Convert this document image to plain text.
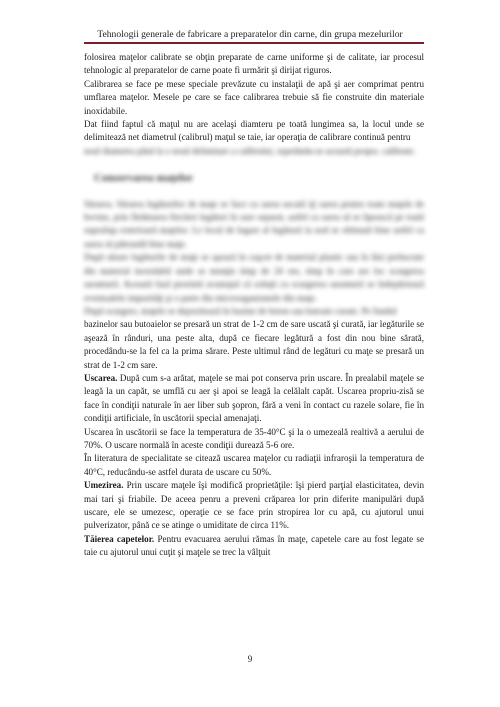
Tehnologii generale de fabricare a preparatelor din carne, din grupa mezelurilor

folosirea maţelor calibrate se obţin preparate de carne uniforme şi de calitate, iar procesul tehnologic al preparatelor de carne poate fi urmărit şi dirijat riguros.

Calibrarea se face pe mese speciale prevăzute cu instalaţii de apă şi aer comprimat pentru umflarea maţelor. Mesele pe care se face calibrarea trebuie să fie construite din materiale inoxidabile.

Dat fiind faptul că maţul nu are acelaşi diamteru pe toată lungimea sa, la locul unde se delimitează net diametrul (calibrul) maţul se taie, iar operaţia de calibrare continuă pentru

noul diametru până la o nouă delimitare a calibrului, repetându-se această proţeu. calibrate.

Conservarea maţelor

Sărarea. Sărarea legăturilor de maţe se face cu sarea uscată iţi sarea pentru toate maţele de bovine, prin fărâmarea fiecărei legături în sare separat, astfel ca sarea să se lipească pe toată suprafaţa exterioară maţelor. Le locul de legare al legăturii la nod se obtinută bine astfel ca sarea să pătrundă bine maţe.

După sărare legăturile de maţe se aşează în cuşcet de material plastic sau în lăzi prelucrate din material inoxidabil unde se menţin timp de 24 ore, timp în care are loc scurgerea saramurii. Această fază prezintă avantajul că soluţii cu scurgerea saramurii se îndepărtează eventualele impurităţi şi o parte din microorganismele din maţe.

După scurgere, maţele se depozitează în bazine de beton sau butoaie curate. Pe fundul

bazinelor sau butoaielor se presară un strat de 1-2 cm de sare uscată şi curată, iar legăturile se aşează în rânduri, una peste alta, după ce fiecare legătură a fost din nou bine sărată, procedându-se la fel ca la prima sărare. Peste ultimul rând de legături cu maţe se presară un strat de 1-2 cm sare.

Uscarea. După cum s-a arătat, maţele se mai pot conserva prin uscare. În prealabil maţele se leagă la un capăt, se umflă cu aer şi apoi se leagă la celălalt capăt. Uscarea propriu-zisă se face în condiţii naturale în aer liber sub şopron, fără a veni în contact cu razele solare, fie în condiţii artificiale, în uscătorii special amenajaţi.

Uscarea în uscătorii se face la temperatura de 35-40°C şi la o umezeală realtivă a aerului de 70%. O uscare normală în aceste condiţii durează 5-6 ore.

În literatura de specialitate se citează uscarea maţelor cu radiaţii infraroşii la temperatura de 40°C, reducându-se astfel durata de uscare cu 50%.

Umezirea. Prin uscare maţele îşi modifică proprietăţile: îşi pierd parţial elasticitatea, devin mai tari şi friabile. De aceea penru a preveni crăparea lor prin diferite manipulări după uscare, ele se umezesc, operaţie ce se face prin stropirea lor cu apă, cu ajutorul unui pulverizator, până ce se atinge o umiditate de circa 11%.

Tăierea capetelor. Pentru evacuarea aerului rămas în maţe, capetele care au fost legate se taie cu ajutorul unui cuţit şi maţele se trec la vâlţuit

9
